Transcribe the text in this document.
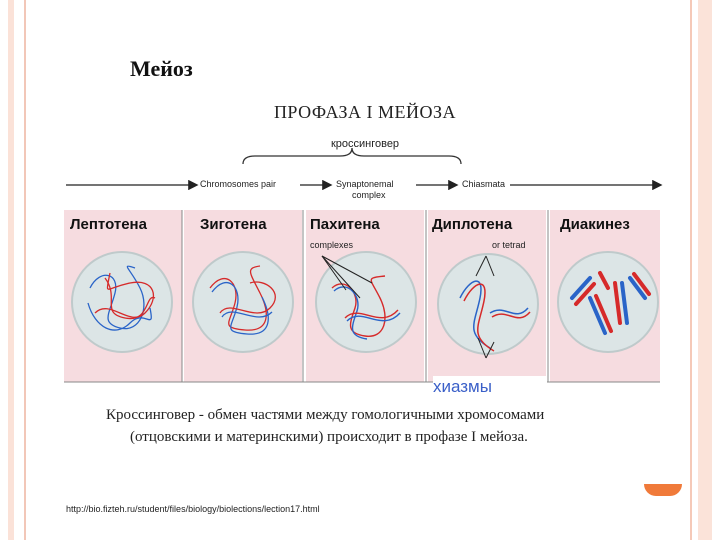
Мейоз
ПРОФАЗА I МЕЙОЗА
кроссинговер
Chromosomes pair	Synaptonemal
complex
Chiasmata
Лептотена	Зиготена	Пахитена	Диплотена	Диакинез
complexes	or tetrad
хиазмы
Кроссинговер - обмен частями между гомологичными хромосомами
(отцовскими и материнскими) происходит в профазе I мейоза.
http://bio.fizteh.ru/student/files/biology/biolections/lection17.html
